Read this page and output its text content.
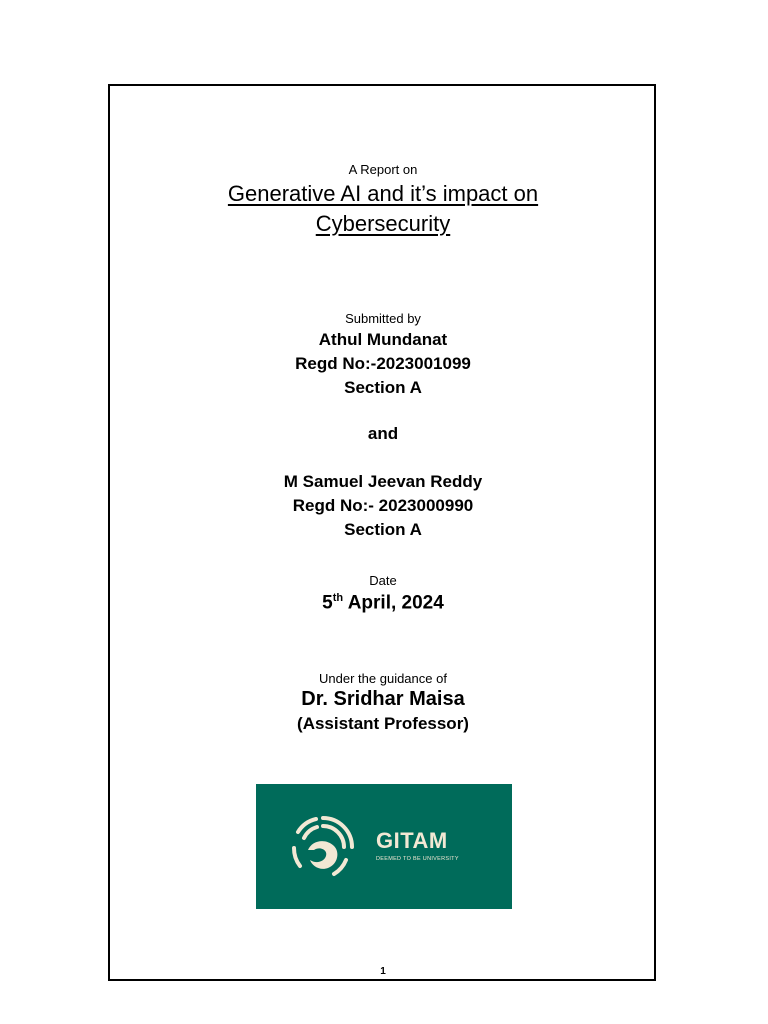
A Report on
Generative AI and it’s impact on
Cybersecurity
Submitted by
Athul Mundanat
Regd No:-2023001099
Section A
and
M Samuel Jeevan Reddy
Regd No:- 2023000990
Section A
Date
5th April, 2024
Under the guidance of
Dr. Sridhar Maisa
(Assistant Professor)
GITAM
DEEMED TO BE UNIVERSITY
1
